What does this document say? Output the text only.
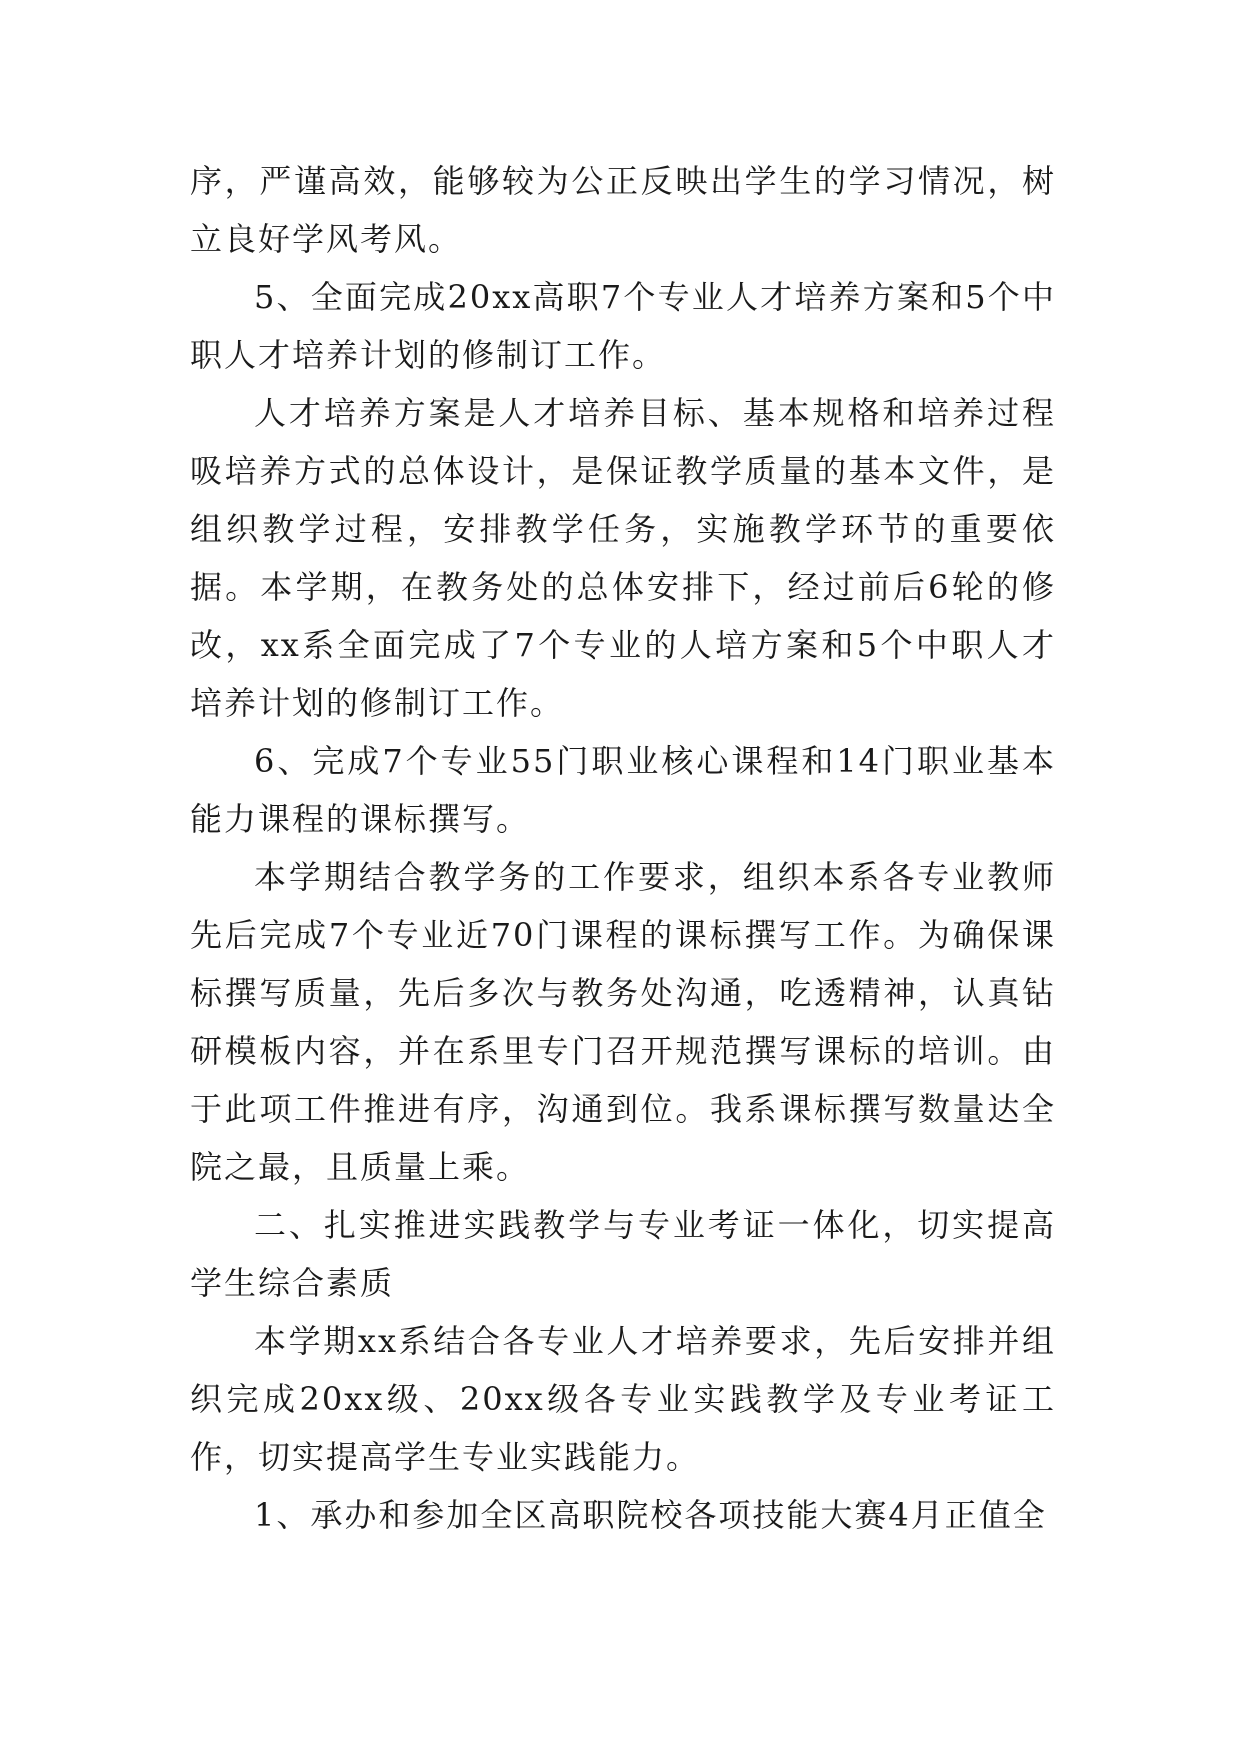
序，严谨高效，能够较为公正反映出学生的学习情况，树立良好学风考风。

5、全面完成20xx高职7个专业人才培养方案和5个中职人才培养计划的修制订工作。

人才培养方案是人才培养目标、基本规格和培养过程吸培养方式的总体设计，是保证教学质量的基本文件，是组织教学过程，安排教学任务，实施教学环节的重要依据。本学期，在教务处的总体安排下，经过前后6轮的修改，xx系全面完成了7个专业的人培方案和5个中职人才培养计划的修制订工作。

6、完成7个专业55门职业核心课程和14门职业基本能力课程的课标撰写。

本学期结合教学务的工作要求，组织本系各专业教师先后完成7个专业近70门课程的课标撰写工作。为确保课标撰写质量，先后多次与教务处沟通，吃透精神，认真钻研模板内容，并在系里专门召开规范撰写课标的培训。由于此项工件推进有序，沟通到位。我系课标撰写数量达全院之最，且质量上乘。

二、扎实推进实践教学与专业考证一体化，切实提高学生综合素质

本学期xx系结合各专业人才培养要求，先后安排并组织完成20xx级、20xx级各专业实践教学及专业考证工作，切实提高学生专业实践能力。

1、承办和参加全区高职院校各项技能大赛4月正值全
